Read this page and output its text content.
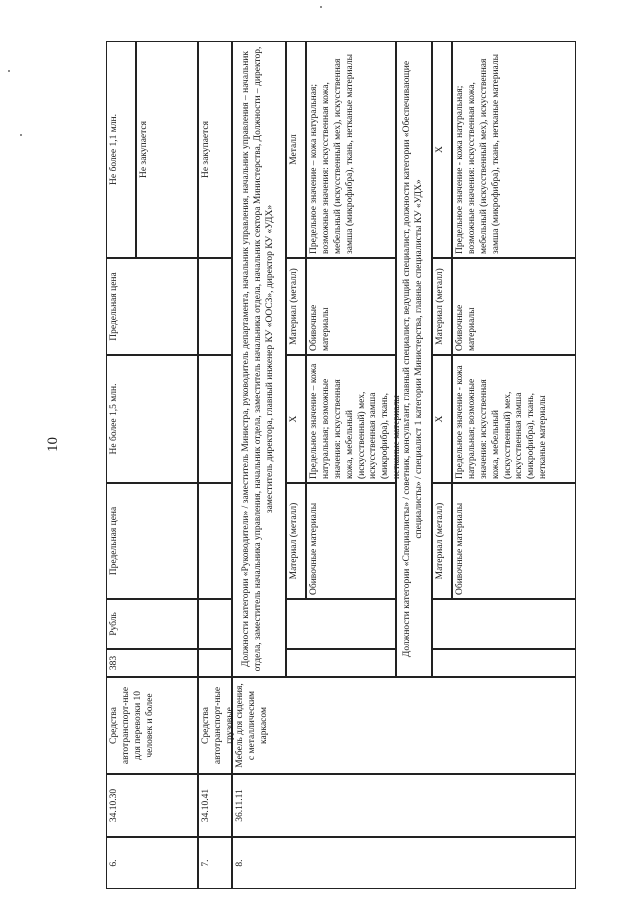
10
6.
34.10.30
Средства автотранспорт-ные для перевозки 10 человек и более
383
Рубль
Предельная цена
Не более 1,5 млн.
Предельная цена
Не более 1,1 млн.	Не закупается
7.
34.10.41
Средства автотранспорт-ные грузовые
Не закупается
8.
36.11.11
Мебель для сидения, с металлическим каркасом
Должности категории «Руководители» / заместитель Министра, руководитель департамента, начальник управления, начальник управления – начальник отдела, заместитель начальника управления, начальник отдела, заместитель начальника отдела, начальник сектора Министерства, Должности – директор, заместитель директора, главный инженер КУ «ООСЗ», директор КУ «УДХ»
Материал (металл)
Х
Материал (металл)
Металл
Обивочные материалы
Предельное значение – кожа натуральная; возможные значения: искусственная кожа, мебельный (искусственный) мех, искусственная замша (микрофибра), ткань, нетканые материалы
Обивочные материалы
Предельное значение – кожа натуральная; возможные значения: искусственная кожа, мебельный (искусственный мех), искусственная замша (микрофибра), ткань, нетканые материалы	Должности категории «Специалисты» / советник, консультант, главный специалист, ведущий специалист, должности категории «Обеспечивающие специалисты» / специалист 1 категории Министерства, главные специалисты КУ «УДХ»
Материал (металл)
Х
Материал (металл)
Х
Обивочные материалы
Предельное значение - кожа натуральная; возможные значения: искусственная кожа, мебельный (искусственный) мех, искусственная замша (микрофибра), ткань, нетканые материалы
Обивочные материалы
Предельное значение - кожа натуральная; возможные значения: искусственная кожа, мебельный (искусственный мех), искусственная замша (микрофибра), ткань, нетканые материалы
